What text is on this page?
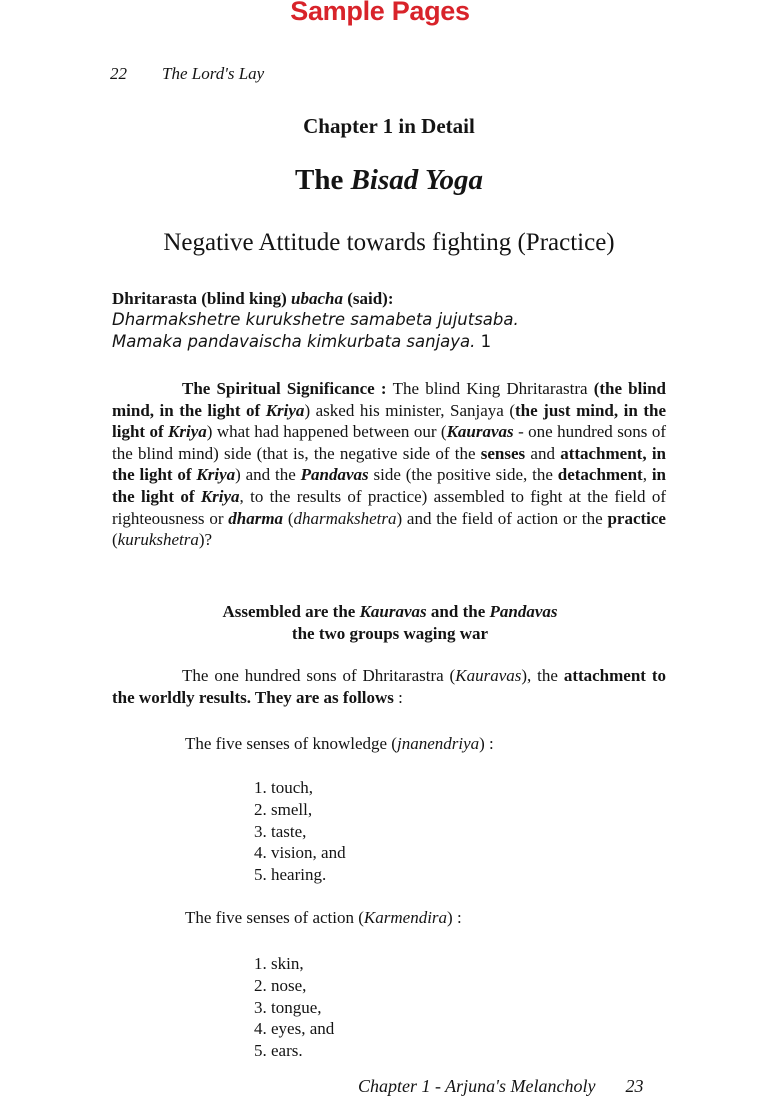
Sample Pages
22 The Lord's Lay
Chapter 1 in Detail
The Bisad Yoga
Negative Attitude towards fighting (Practice)
Dhritarasta (blind king) ubacha (said):
Dharmakshetre kurukshetre samabeta jujutsaba.
Mamaka pandavaischa kimkurbata sanjaya. 1
The Spiritual Significance : The blind King Dhritarastra (the blind mind, in the light of Kriya) asked his minister, Sanjaya (the just mind, in the light of Kriya) what had happened between our (Kauravas - one hundred sons of the blind mind) side (that is, the negative side of the senses and attachment, in the light of Kriya) and the Pandavas side (the positive side, the detachment, in the light of Kriya, to the results of practice) assembled to fight at the field of righteousness or dharma (dharmakshetra) and the field of action or the practice (kurukshetra)?
Assembled are the Kauravas and the Pandavas
the two groups waging war
The one hundred sons of Dhritarastra (Kauravas), the attachment to the worldly results. They are as follows :
The five senses of knowledge (jnanendriya) :
1. touch,
2. smell,
3. taste,
4. vision, and
5. hearing.
The five senses of action (Karmendira) :
1. skin,
2. nose,
3. tongue,
4. eyes, and
5. ears.
Chapter 1 - Arjuna's Melancholy 23
